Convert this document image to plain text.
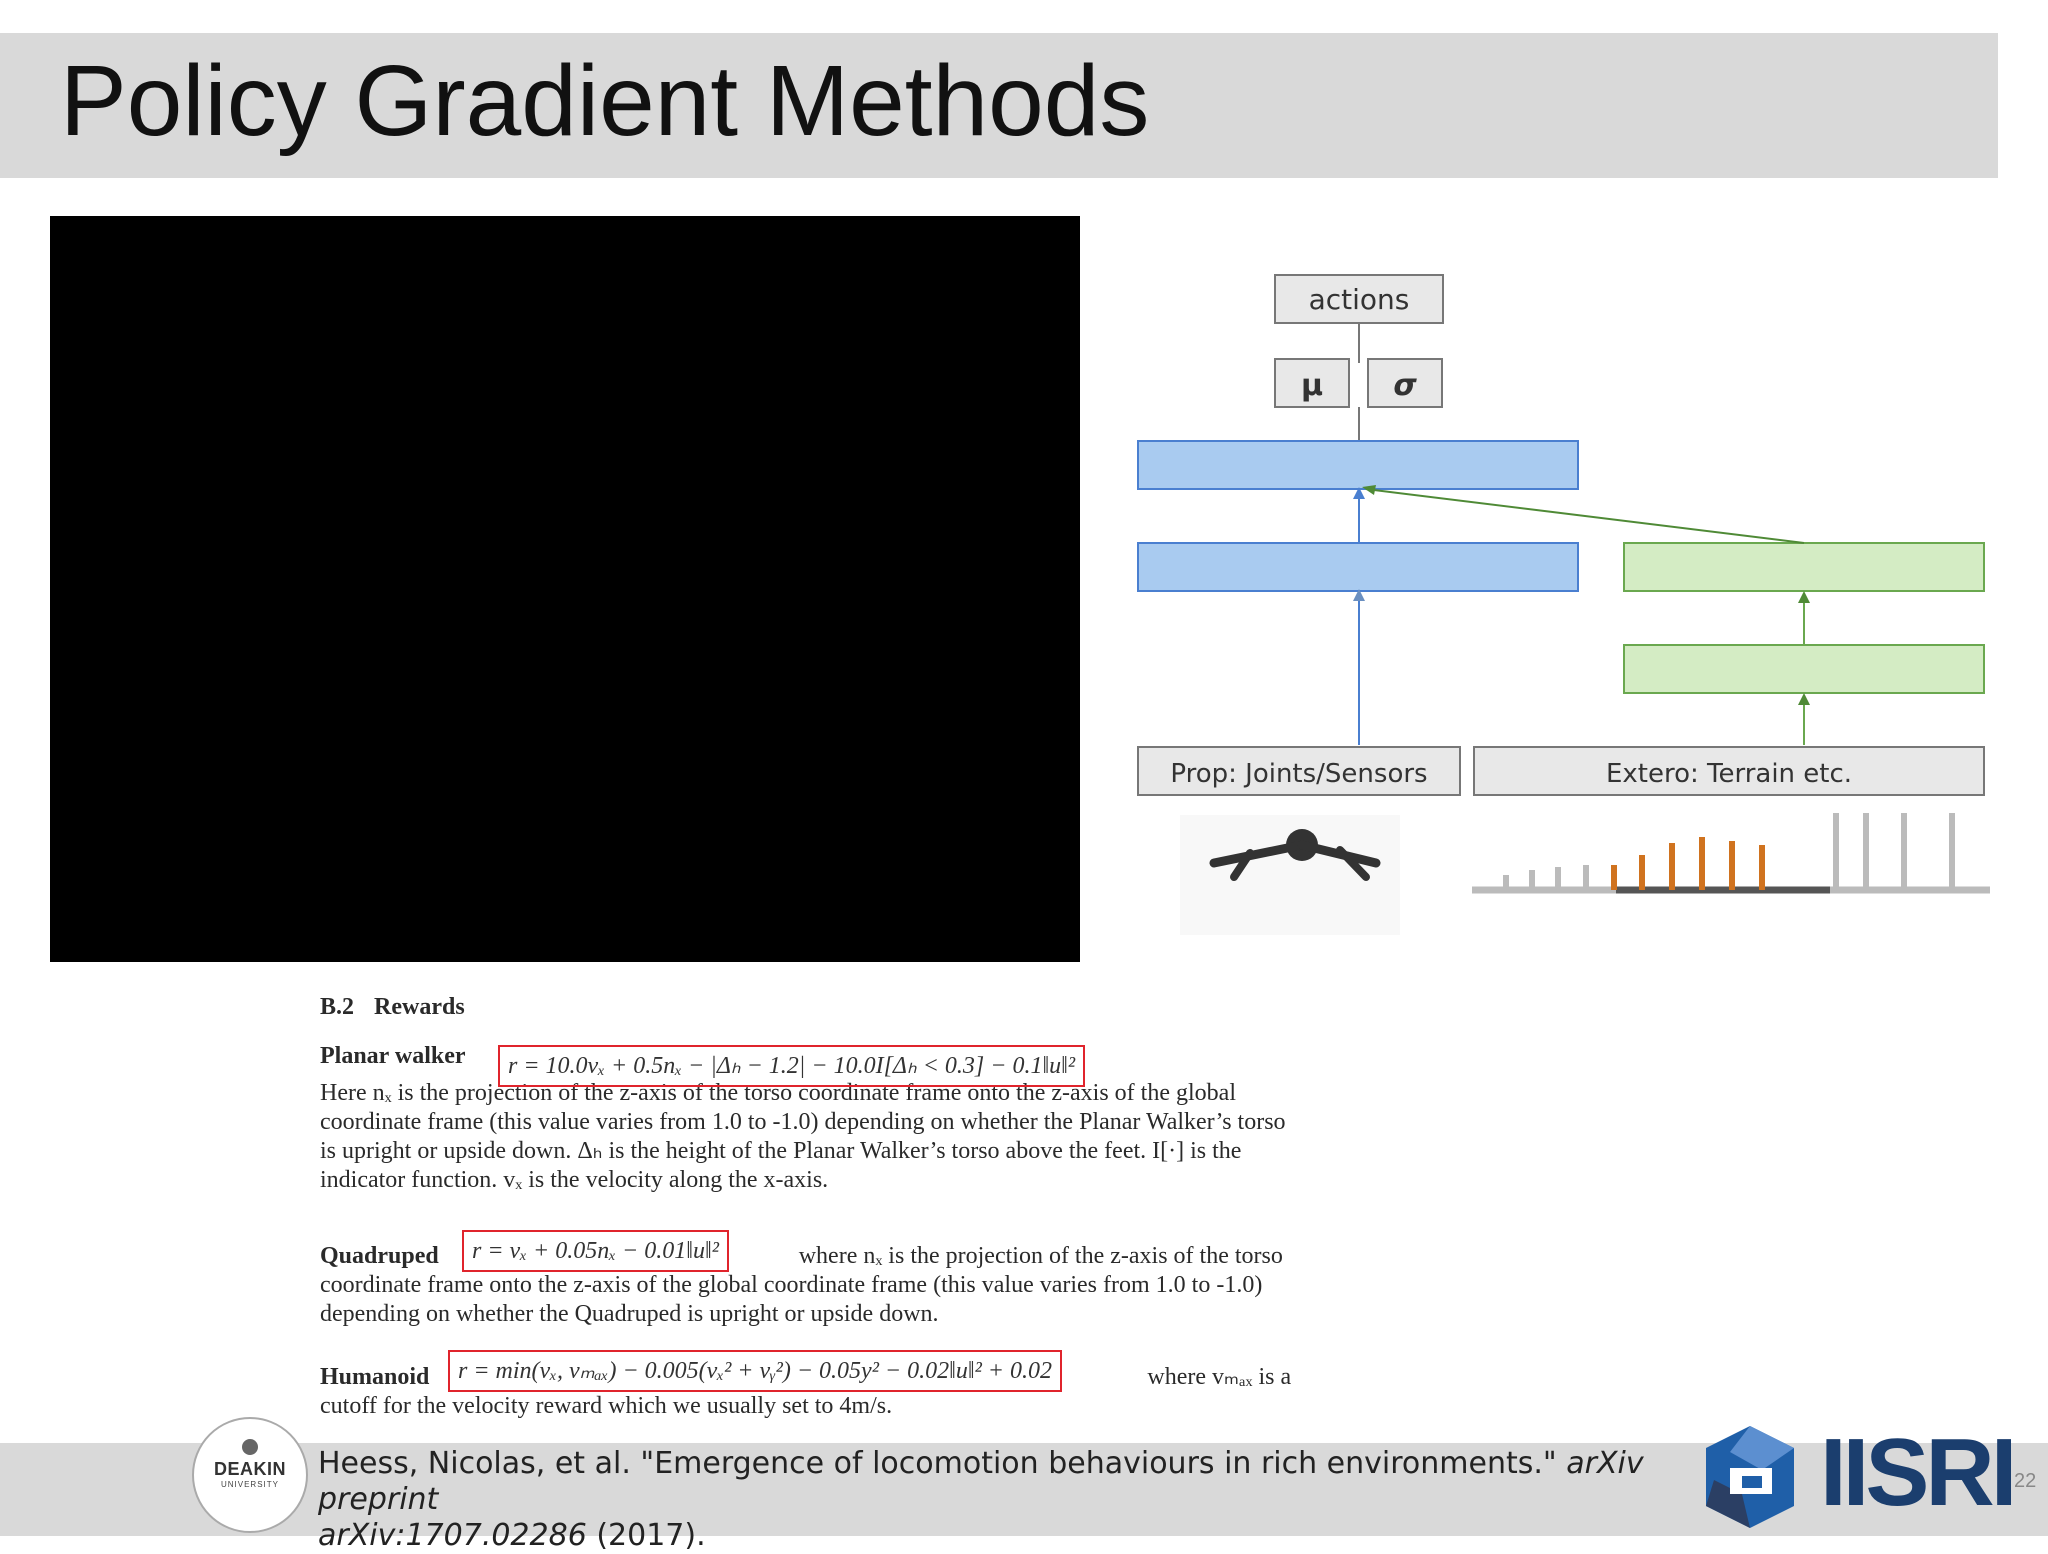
Policy Gradient Methods
actions
μ σ
Prop: Joints/Sensors	Extero: Terrain etc.
B.2 Rewards
Planar walker
Here nₓ is the projection of the z-axis of the torso coordinate frame onto the z-axis of the global
coordinate frame (this value varies from 1.0 to -1.0) depending on whether the Planar Walker’s torso
is upright or upside down. Δₕ is the height of the Planar Walker’s torso above the feet. I[·] is the
indicator function. vₓ is the velocity along the x-axis.
r = 10.0vₓ + 0.5nₓ − |Δₕ − 1.2| − 10.0I[Δₕ < 0.3] − 0.1‖u‖²
Quadruped	where nₓ is the projection of the z-axis of the torso
coordinate frame onto the z-axis of the global coordinate frame (this value varies from 1.0 to -1.0)
depending on whether the Quadruped is upright or upside down.
r = vₓ + 0.05nₓ − 0.01‖u‖²
Humanoid	where vₘₐₓ is a
cutoff for the velocity reward which we usually set to 4m/s.
r = min(vₓ, vₘₐₓ) − 0.005(vₓ² + vᵧ²) − 0.05y² − 0.02‖u‖² + 0.02
DEAKIN
UNIVERSITY
Heess, Nicolas, et al. "Emergence of locomotion behaviours in rich environments." arXiv preprint
arXiv:1707.02286 (2017).
IISRI 22
